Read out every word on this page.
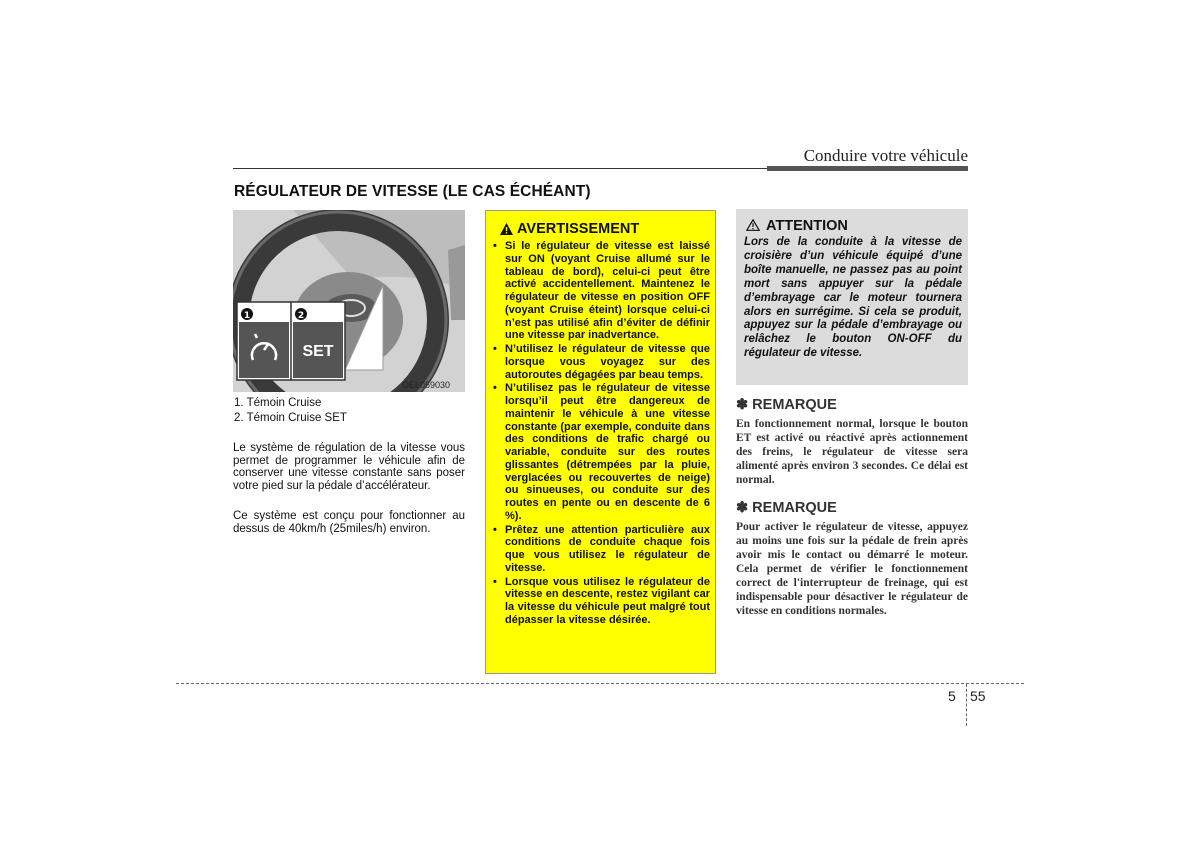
Conduire votre véhicule
RÉGULATEUR DE VITESSE (LE CAS ÉCHÉANT)
1	2
SET
OEL059030
1. Témoin Cruise
2. Témoin Cruise SET
Le système de régulation de la vitesse vous permet de programmer le véhicule afin de conserver une vitesse constante sans poser votre pied sur la pédale d’accélérateur.
Ce système est conçu pour fonctionner au dessus de 40km/h (25miles/h) environ.
AVERTISSEMENT
• Si le régulateur de vitesse est laissé sur ON (voyant Cruise allumé sur le tableau de bord), celui-ci peut être activé accidentellement. Maintenez le régulateur de vitesse en position OFF (voyant Cruise éteint) lorsque celui-ci n’est pas utilisé afin d’éviter de définir une vitesse par inadvertance.
• N’utilisez le régulateur de vitesse que lorsque vous voyagez sur des autoroutes dégagées par beau temps.
• N’utilisez pas le régulateur de vitesse lorsqu’il peut être dangereux de maintenir le véhicule à une vitesse constante (par exemple, conduite dans des conditions de trafic chargé ou variable, conduite sur des routes glissantes (détrempées par la pluie, verglacées ou recouvertes de neige) ou sinueuses, ou conduite sur des routes en pente ou en descente de 6 %).
• Prêtez une attention particulière aux conditions de conduite chaque fois que vous utilisez le régulateur de vitesse.
• Lorsque vous utilisez le régulateur de vitesse en descente, restez vigilant car la vitesse du véhicule peut malgré tout dépasser la vitesse désirée.
ATTENTION
Lors de la conduite à la vitesse de croisière d’un véhicule équipé d’une boîte manuelle, ne passez pas au point mort sans appuyer sur la pédale d’embrayage car le moteur tournera alors en surrégime. Si cela se produit, appuyez sur la pédale d’embrayage ou relâchez le bouton ON-OFF du régulateur de vitesse.
✽ REMARQUE
En fonctionnement normal, lorsque le bouton ET est activé ou réactivé après actionnement des freins, le régulateur de vitesse sera alimenté après environ 3 secondes. Ce délai est normal.
✽ REMARQUE
Pour activer le régulateur de vitesse, appuyez au moins une fois sur la pédale de frein après avoir mis le contact ou démarré le moteur. Cela permet de vérifier le fonctionnement correct de l'interrupteur de freinage, qui est indispensable pour désactiver le régulateur de vitesse en conditions normales.
5 55
